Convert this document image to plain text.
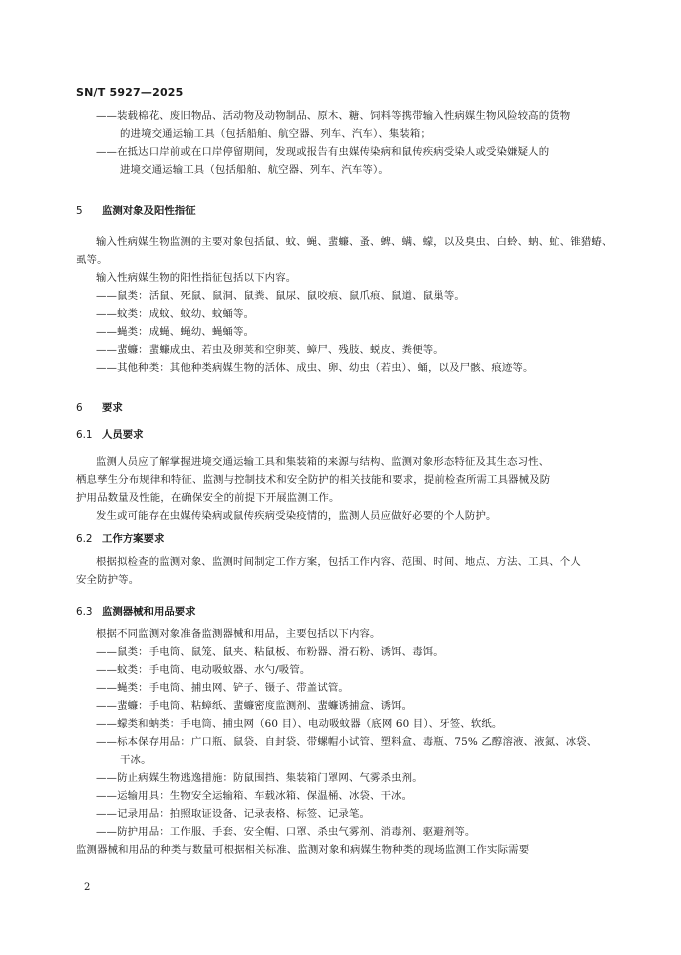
SN/T 5927—2025
——装载棉花、废旧物品、活动物及动物制品、原木、糖、饲料等携带输入性病媒生物风险较高的货物
的进境交通运输工具（包括船舶、航空器、列车、汽车）、集装箱；
——在抵达口岸前或在口岸停留期间，发现或报告有虫媒传染病和鼠传疾病受染人或受染嫌疑人的
进境交通运输工具（包括船舶、航空器、列车、汽车等）。
5 监测对象及阳性指征
输入性病媒生物监测的主要对象包括鼠、蚊、蝇、蜚蠊、蚤、蜱、螨、蠓，以及臭虫、白蛉、蚋、虻、锥猎蝽、
虱等。
输入性病媒生物的阳性指征包括以下内容。
——鼠类：活鼠、死鼠、鼠洞、鼠粪、鼠尿、鼠咬痕、鼠爪痕、鼠道、鼠巢等。
——蚊类：成蚊、蚊幼、蚊蛹等。
——蝇类：成蝇、蝇幼、蝇蛹等。
——蜚蠊：蜚蠊成虫、若虫及卵荚和空卵荚、蟑尸、残肢、蜕皮、粪便等。
——其他种类：其他种类病媒生物的活体、成虫、卵、幼虫（若虫）、蛹，以及尸骸、痕迹等。
6 要求
6.1 人员要求
监测人员应了解掌握进境交通运输工具和集装箱的来源与结构、监测对象形态特征及其生态习性、
栖息孳生分布规律和特征、监测与控制技术和安全防护的相关技能和要求，提前检查所需工具器械及防
护用品数量及性能，在确保安全的前提下开展监测工作。
发生或可能存在虫媒传染病或鼠传疾病受染疫情的，监测人员应做好必要的个人防护。
6.2 工作方案要求
根据拟检查的监测对象、监测时间制定工作方案，包括工作内容、范围、时间、地点、方法、工具、个人
安全防护等。
6.3 监测器械和用品要求
根据不同监测对象准备监测器械和用品，主要包括以下内容。
——鼠类：手电筒、鼠笼、鼠夹、粘鼠板、布粉器、滑石粉、诱饵、毒饵。
——蚊类：手电筒、电动吸蚊器、水勺/吸管。
——蝇类：手电筒、捕虫网、铲子、镊子、带盖试管。
——蜚蠊：手电筒、粘蟑纸、蜚蠊密度监测剂、蜚蠊诱捕盒、诱饵。
——蠓类和蚋类：手电筒、捕虫网（60 目）、电动吸蚊器（底网 60 目）、牙签、软纸。
——标本保存用品：广口瓶、鼠袋、自封袋、带螺帽小试管、塑料盒、毒瓶、75% 乙醇溶液、液氮、冰袋、
干冰。
——防止病媒生物逃逸措施：防鼠围挡、集装箱门罩网、气雾杀虫剂。
——运输用具：生物安全运输箱、车载冰箱、保温桶、冰袋、干冰。
——记录用品：拍照取证设备、记录表格、标签、记录笔。
——防护用品：工作服、手套、安全帽、口罩、杀虫气雾剂、消毒剂、驱避剂等。
监测器械和用品的种类与数量可根据相关标准、监测对象和病媒生物种类的现场监测工作实际需要
2
